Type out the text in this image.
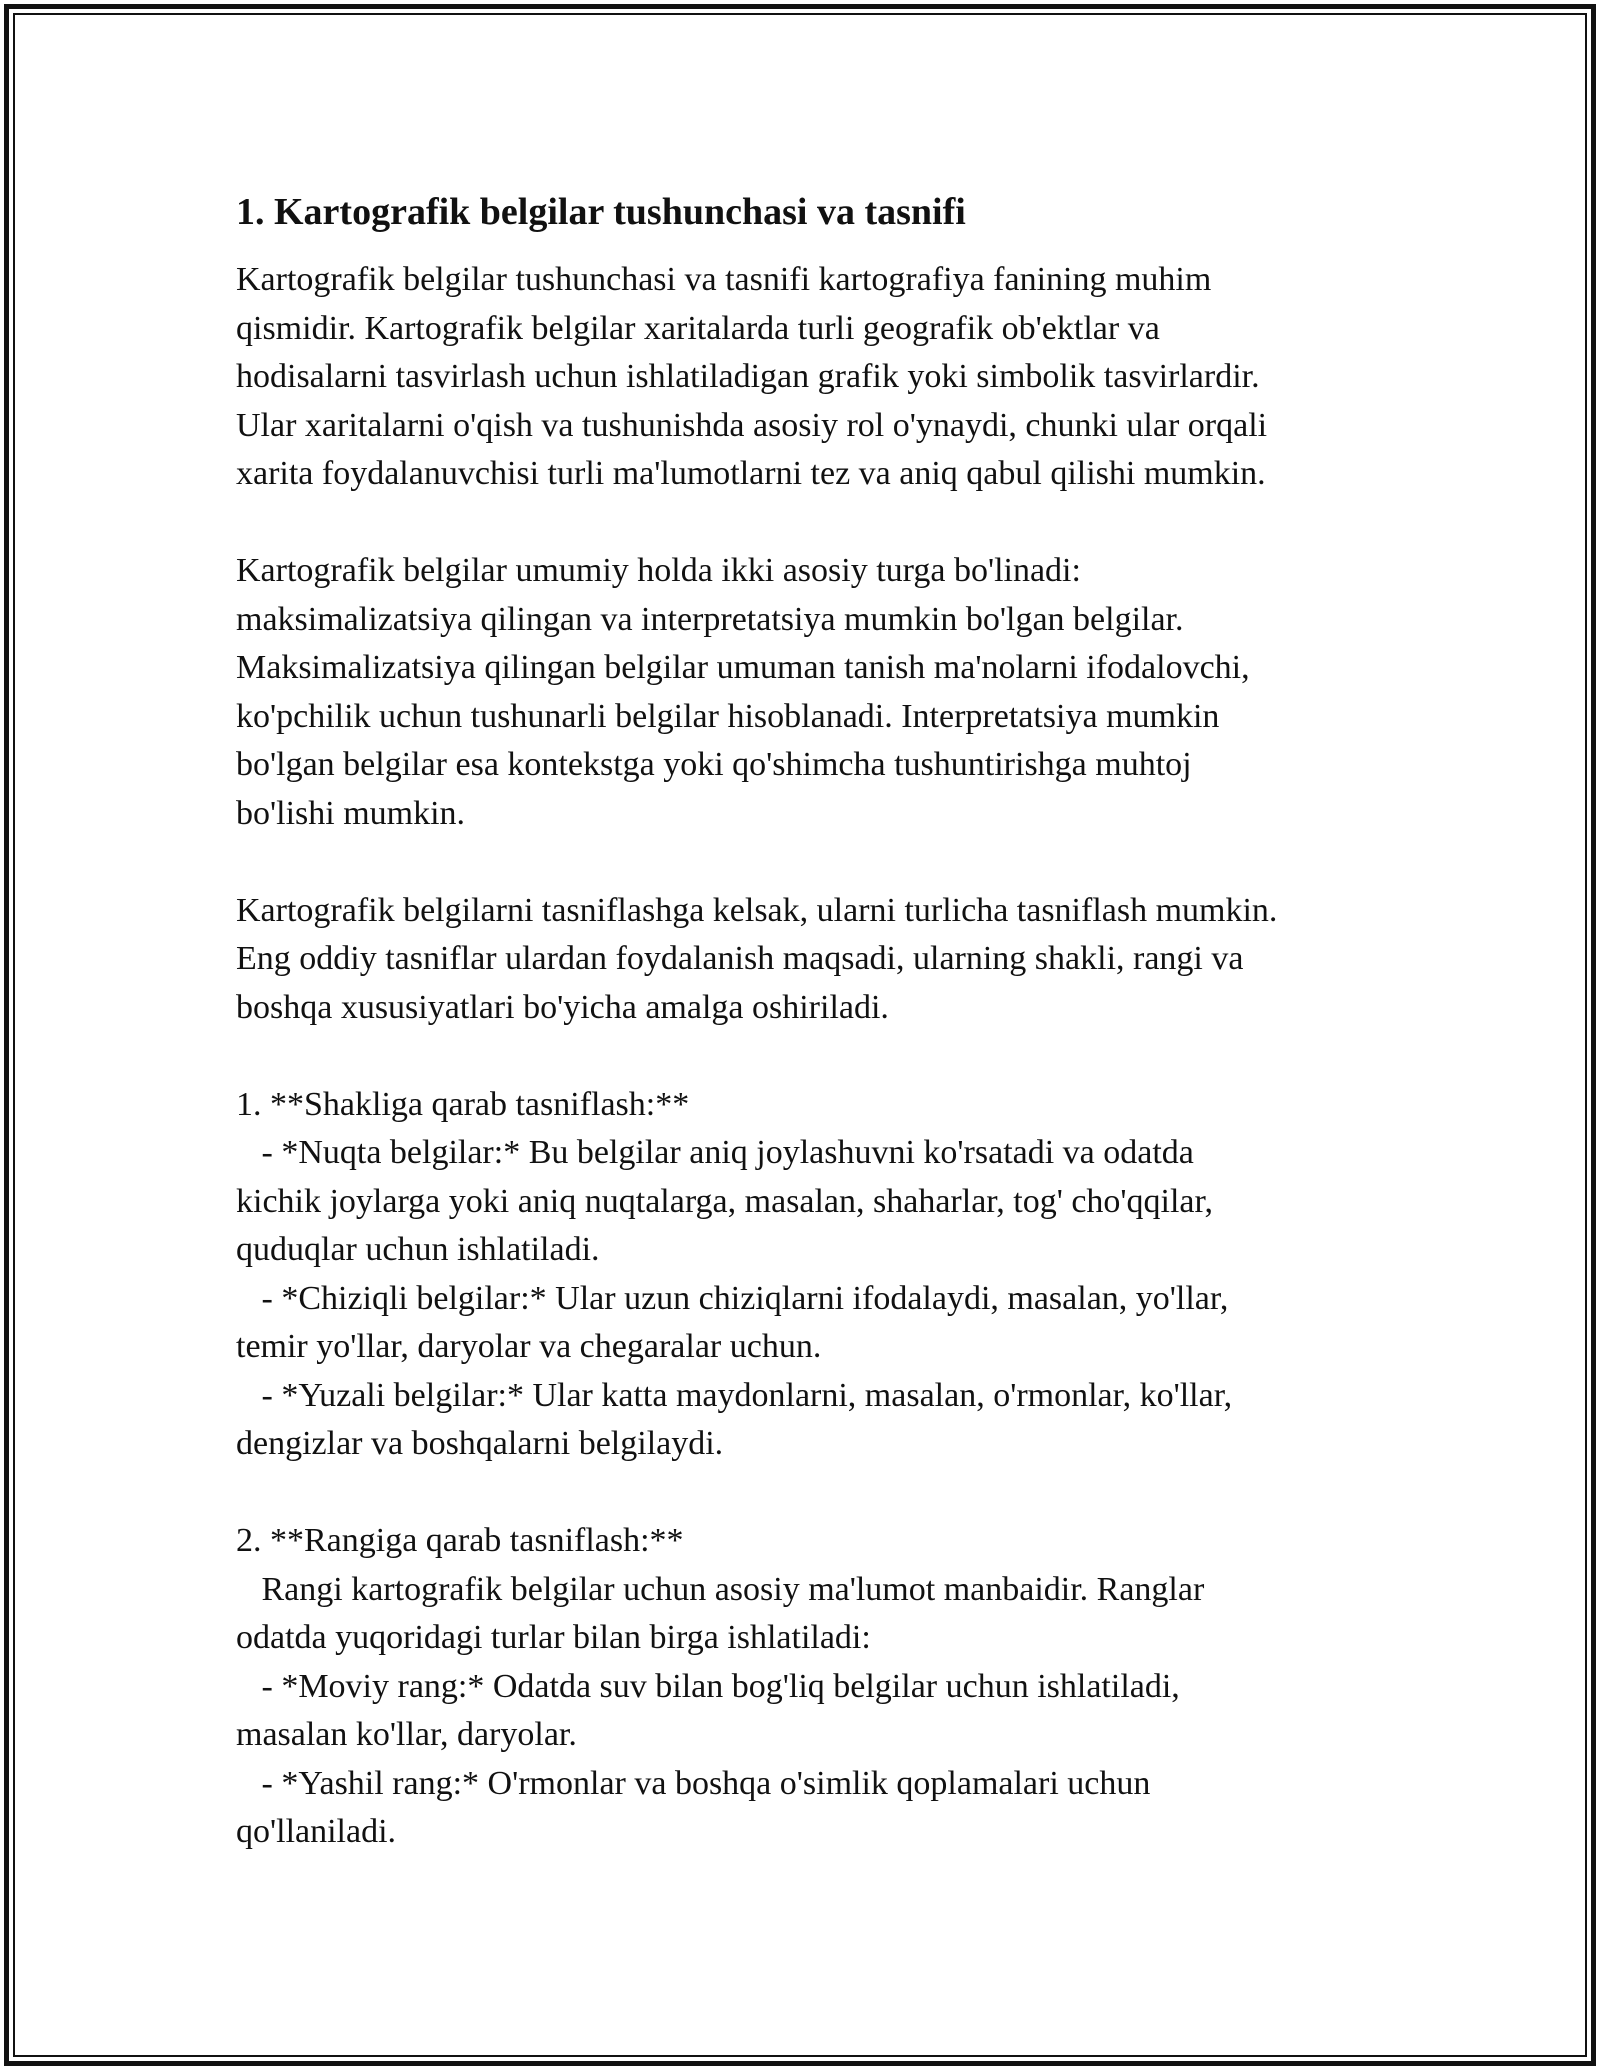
1. Kartografik belgilar tushunchasi va tasnifi

Kartografik belgilar tushunchasi va tasnifi kartografiya fanining muhim
qismidir. Kartografik belgilar xaritalarda turli geografik ob'ektlar va
hodisalarni tasvirlash uchun ishlatiladigan grafik yoki simbolik tasvirlardir.
Ular xaritalarni o'qish va tushunishda asosiy rol o'ynaydi, chunki ular orqali
xarita foydalanuvchisi turli ma'lumotlarni tez va aniq qabul qilishi mumkin.

Kartografik belgilar umumiy holda ikki asosiy turga bo'linadi:
maksimalizatsiya qilingan va interpretatsiya mumkin bo'lgan belgilar.
Maksimalizatsiya qilingan belgilar umuman tanish ma'nolarni ifodalovchi,
ko'pchilik uchun tushunarli belgilar hisoblanadi. Interpretatsiya mumkin
bo'lgan belgilar esa kontekstga yoki qo'shimcha tushuntirishga muhtoj
bo'lishi mumkin.

Kartografik belgilarni tasniflashga kelsak, ularni turlicha tasniflash mumkin.
Eng oddiy tasniflar ulardan foydalanish maqsadi, ularning shakli, rangi va
boshqa xususiyatlari bo'yicha amalga oshiriladi.

1. **Shakliga qarab tasniflash:**
- *Nuqta belgilar:* Bu belgilar aniq joylashuvni ko'rsatadi va odatda
kichik joylarga yoki aniq nuqtalarga, masalan, shaharlar, tog' cho'qqilar,
quduqlar uchun ishlatiladi.
- *Chiziqli belgilar:* Ular uzun chiziqlarni ifodalaydi, masalan, yo'llar,
temir yo'llar, daryolar va chegaralar uchun.
- *Yuzali belgilar:* Ular katta maydonlarni, masalan, o'rmonlar, ko'llar,
dengizlar va boshqalarni belgilaydi.

2. **Rangiga qarab tasniflash:**
Rangi kartografik belgilar uchun asosiy ma'lumot manbaidir. Ranglar
odatda yuqoridagi turlar bilan birga ishlatiladi:
- *Moviy rang:* Odatda suv bilan bog'liq belgilar uchun ishlatiladi,
masalan ko'llar, daryolar.
- *Yashil rang:* O'rmonlar va boshqa o'simlik qoplamalari uchun
qo'llaniladi.
